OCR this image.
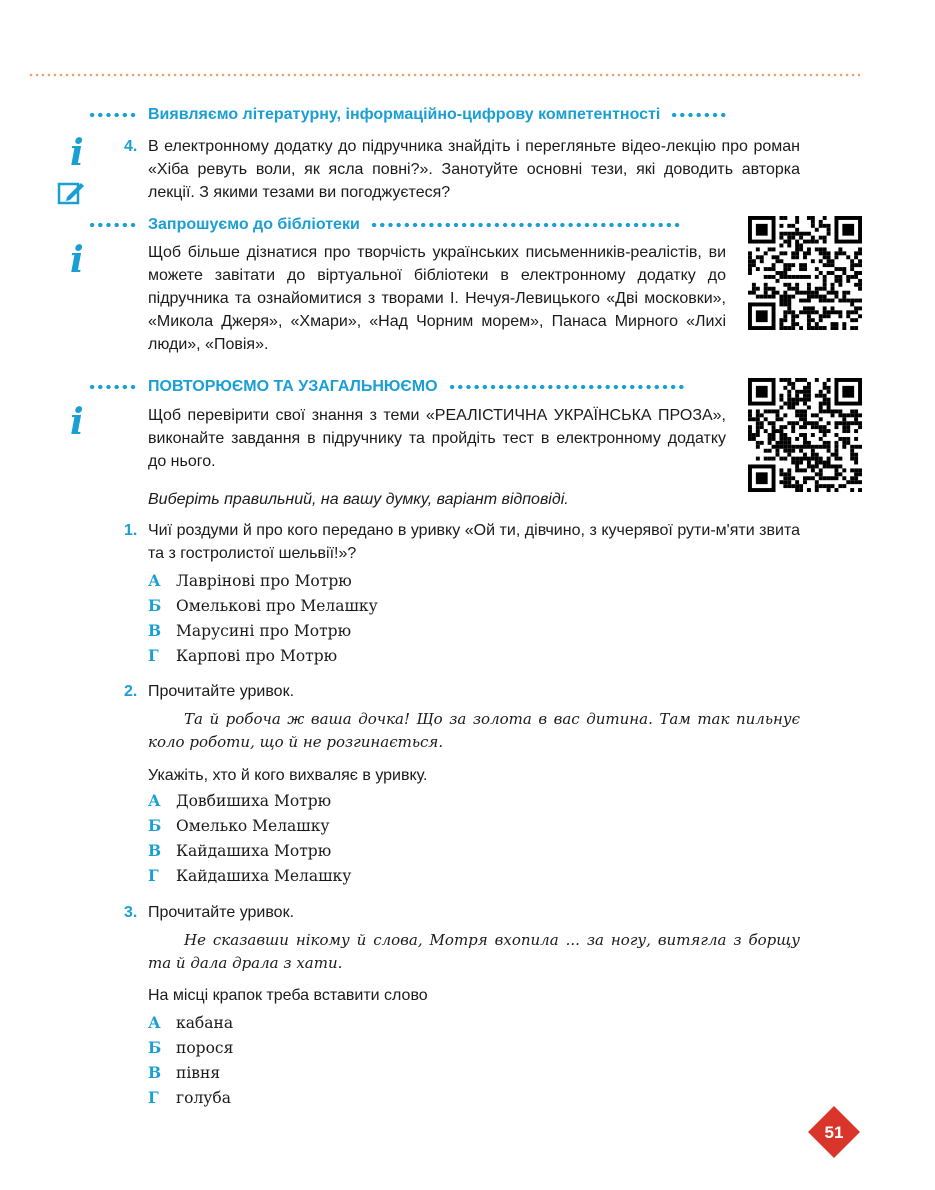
Виявляємо літературну, інформаційно-цифрову компетентності
і	4. В електронному додатку до підручника знайдіть і перегляньте відео-лекцію про роман «Хіба ревуть воли, як ясла повні?». Занотуйте основні тези, які доводить авторка лекції. З якими тезами ви погоджуєтеся?
Запрошуємо до бібліотеки
і	Щоб більше дізнатися про творчість українських письменників-реалістів, ви можете завітати до віртуальної бібліотеки в електронному додатку до підручника та ознайомитися з творами І. Нечуя-Левицького «Дві московки», «Микола Джеря», «Хмари», «Над Чорним морем», Панаса Мирного «Лихі люди», «Повія».
ПОВТОРЮЄМО ТА УЗАГАЛЬНЮЄМО
і	Щоб перевірити свої знання з теми «РЕАЛІСТИЧНА УКРАЇНСЬКА ПРОЗА», виконайте завдання в підручнику та пройдіть тест в електронному додатку до нього.
Виберіть правильний, на вашу думку, варіант відповіді.
1. Чиї роздуми й про кого передано в уривку «Ой ти, дівчино, з кучерявої рути-м'яти звита та з гостролистої шельвії!»?
А Лаврінові про Мотрю
Б Омелькові про Мелашку
В Марусині про Мотрю
Г Карпові про Мотрю
2. Прочитайте уривок.
Та й робоча ж ваша дочка! Що за золота в вас дитина. Там так пильнує коло роботи, що й не розгинається.
Укажіть, хто й кого вихваляє в уривку.
А Довбишиха Мотрю
Б Омелько Мелашку
В Кайдашиха Мотрю
Г Кайдашиха Мелашку
3. Прочитайте уривок.
Не сказавши нікому й слова, Мотря вхопила ... за ногу, витягла з борщу та й дала драла з хати.
На місці крапок треба вставити слово
А кабана
Б порося
В півня
Г голуба
51
